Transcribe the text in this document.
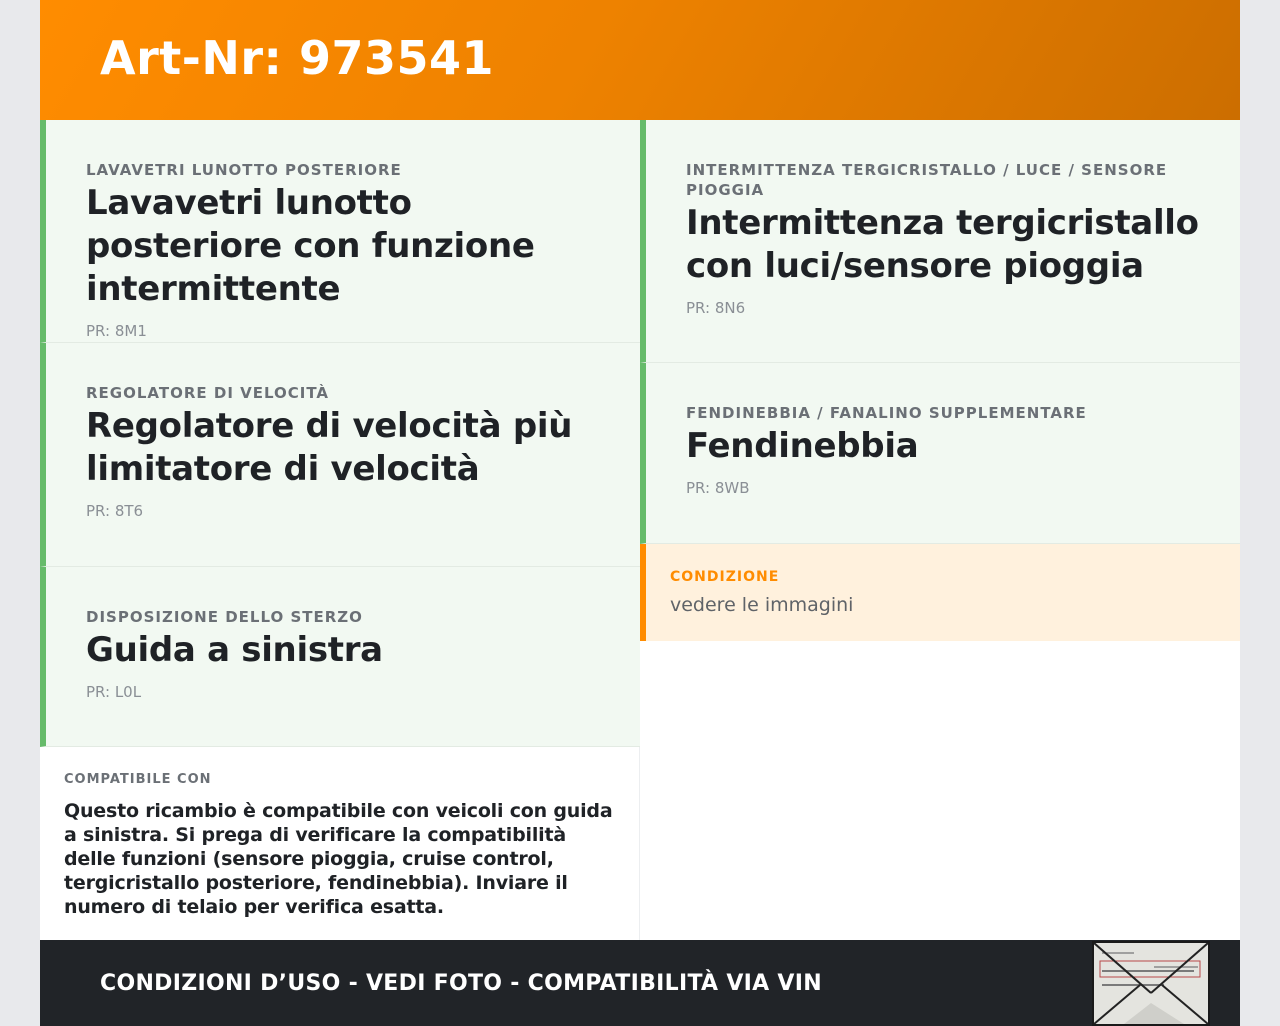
Art-Nr: 973541
LAVAVETRI LUNOTTO POSTERIORE
Lavavetri lunotto posteriore con funzione intermittente
PR: 8M1
REGOLATORE DI VELOCITÀ
Regolatore di velocità più limitatore di velocità
PR: 8T6
DISPOSIZIONE DELLO STERZO
Guida a sinistra
PR: L0L
INTERMITTENZA TERGICRISTALLO / LUCE / SENSORE PIOGGIA
Intermittenza tergicristallo con luci/sensore pioggia
PR: 8N6
FENDINEBBIA / FANALINO SUPPLEMENTARE
Fendinebbia
PR: 8WB
CONDIZIONE
vedere le immagini
COMPATIBILE CON
Questo ricambio è compatibile con veicoli con guida a sinistra. Si prega di verificare la compatibilità delle funzioni (sensore pioggia, cruise control, tergicristallo posteriore, fendinebbia). Inviare il numero di telaio per verifica esatta.
CONDIZIONI D’USO - VEDI FOTO - COMPATIBILITÀ VIA VIN
